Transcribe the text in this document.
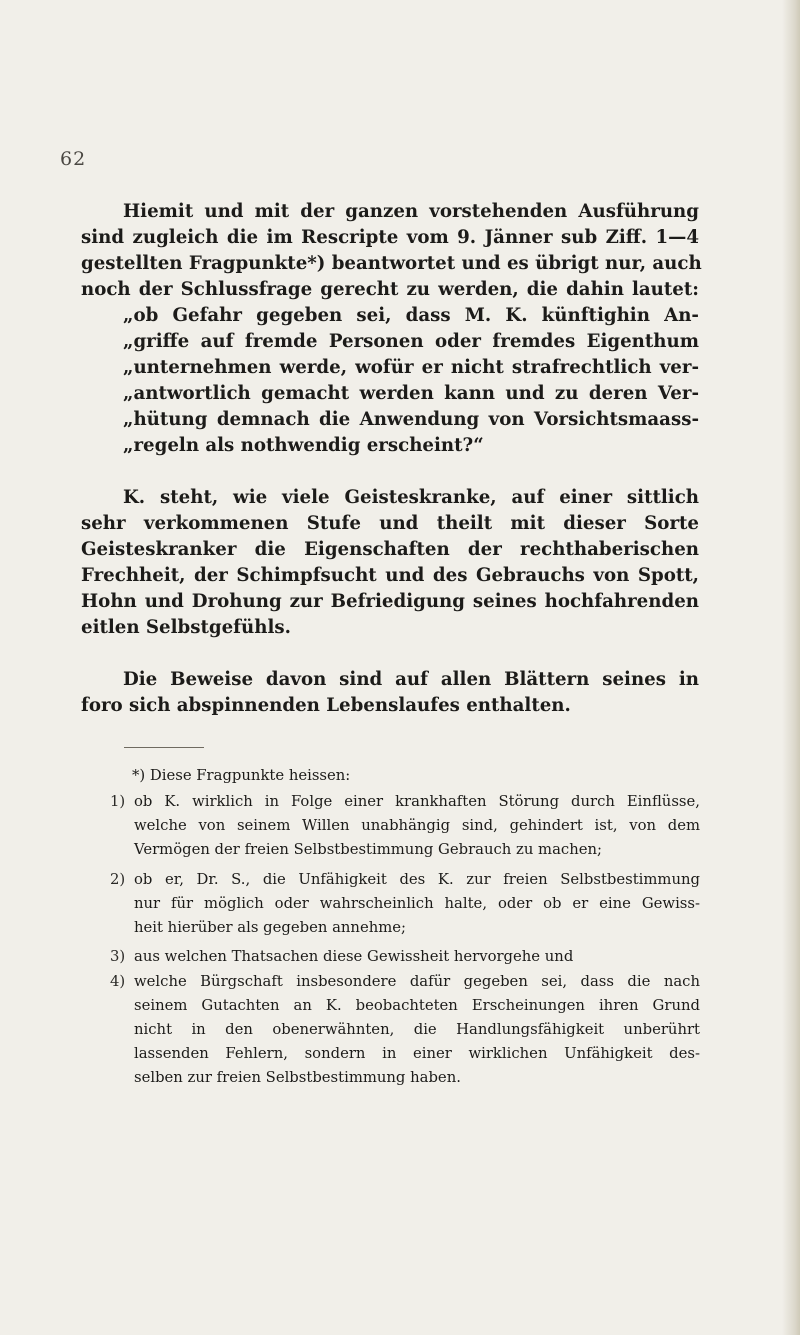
62
Hiemit und mit der ganzen vorstehenden Ausführung
sind zugleich die im Rescripte vom 9. Jänner sub Ziff. 1—4
gestellten Fragpunkte*) beantwortet und es übrigt nur, auch
noch der Schlussfrage gerecht zu werden, die dahin lautet:
„ob Gefahr gegeben sei, dass M. K. künftighin An-
„griffe auf fremde Personen oder fremdes Eigenthum
„unternehmen werde, wofür er nicht strafrechtlich ver-
„antwortlich gemacht werden kann und zu deren Ver-
„hütung demnach die Anwendung von Vorsichtsmaass-
„regeln als nothwendig erscheint?“
K. steht, wie viele Geisteskranke, auf einer sittlich
sehr verkommenen Stufe und theilt mit dieser Sorte
Geisteskranker die Eigenschaften der rechthaberischen
Frechheit, der Schimpfsucht und des Gebrauchs von Spott,
Hohn und Drohung zur Befriedigung seines hochfahrenden
eitlen Selbstgefühls.
Die Beweise davon sind auf allen Blättern seines in
foro sich abspinnenden Lebenslaufes enthalten.
*) Diese Fragpunkte heissen:
1) ob K. wirklich in Folge einer krankhaften Störung durch Einflüsse,
welche von seinem Willen unabhängig sind, gehindert ist, von dem
Vermögen der freien Selbstbestimmung Gebrauch zu machen;
2) ob er, Dr. S., die Unfähigkeit des K. zur freien Selbstbestimmung
nur für möglich oder wahrscheinlich halte, oder ob er eine Gewiss-
heit hierüber als gegeben annehme;
3) aus welchen Thatsachen diese Gewissheit hervorgehe und
4) welche Bürgschaft insbesondere dafür gegeben sei, dass die nach
seinem Gutachten an K. beobachteten Erscheinungen ihren Grund
nicht in den obenerwähnten, die Handlungsfähigkeit unberührt
lassenden Fehlern, sondern in einer wirklichen Unfähigkeit des-
selben zur freien Selbstbestimmung haben.
